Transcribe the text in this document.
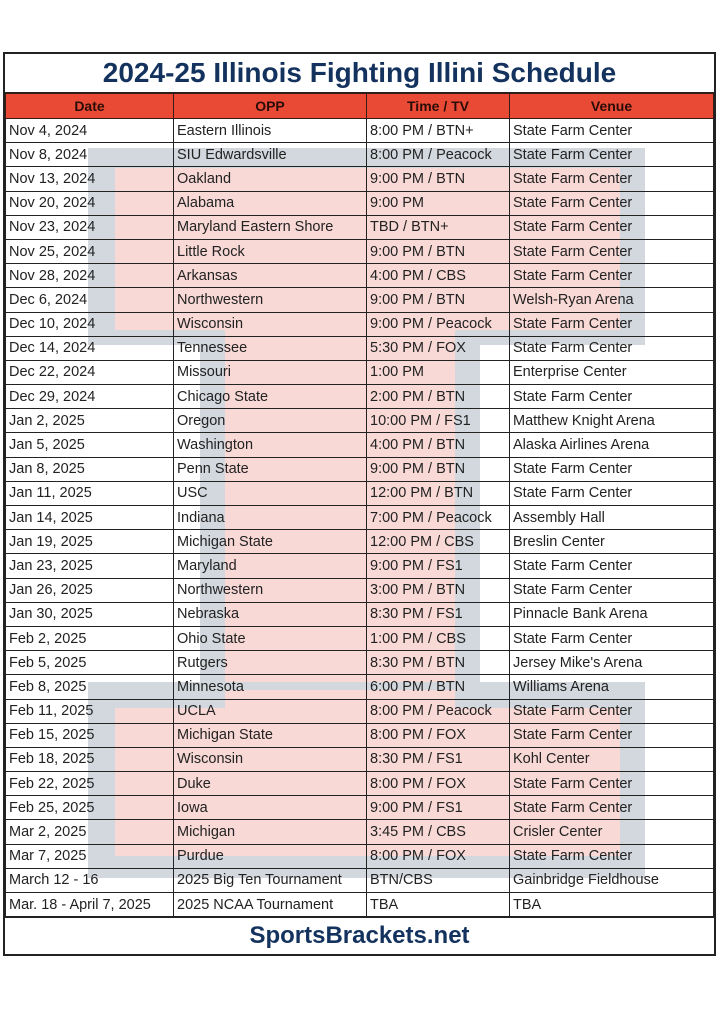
2024-25 Illinois Fighting Illini Schedule
Date	OPP	Time / TV	Venue
Nov 4, 2024	Eastern Illinois	8:00 PM / BTN+	State Farm Center
Nov 8, 2024	SIU Edwardsville	8:00 PM / Peacock	State Farm Center
Nov 13, 2024	Oakland	9:00 PM / BTN	State Farm Center
Nov 20, 2024	Alabama	9:00 PM	State Farm Center
Nov 23, 2024	Maryland Eastern Shore	TBD / BTN+	State Farm Center
Nov 25, 2024	Little Rock	9:00 PM / BTN	State Farm Center
Nov 28, 2024	Arkansas	4:00 PM / CBS	State Farm Center
Dec 6, 2024	Northwestern	9:00 PM / BTN	Welsh-Ryan Arena
Dec 10, 2024	Wisconsin	9:00 PM / Peacock	State Farm Center
Dec 14, 2024	Tennessee	5:30 PM / FOX	State Farm Center
Dec 22, 2024	Missouri	1:00 PM	Enterprise Center
Dec 29, 2024	Chicago State	2:00 PM / BTN	State Farm Center
Jan 2, 2025	Oregon	10:00 PM / FS1	Matthew Knight Arena
Jan 5, 2025	Washington	4:00 PM / BTN	Alaska Airlines Arena
Jan 8, 2025	Penn State	9:00 PM / BTN	State Farm Center
Jan 11, 2025	USC	12:00 PM / BTN	State Farm Center
Jan 14, 2025	Indiana	7:00 PM / Peacock	Assembly Hall
Jan 19, 2025	Michigan State	12:00 PM / CBS	Breslin Center
Jan 23, 2025	Maryland	9:00 PM / FS1	State Farm Center
Jan 26, 2025	Northwestern	3:00 PM / BTN	State Farm Center
Jan 30, 2025	Nebraska	8:30 PM / FS1	Pinnacle Bank Arena
Feb 2, 2025	Ohio State	1:00 PM / CBS	State Farm Center
Feb 5, 2025	Rutgers	8:30 PM / BTN	Jersey Mike's Arena
Feb 8, 2025	Minnesota	6:00 PM / BTN	Williams Arena
Feb 11, 2025	UCLA	8:00 PM / Peacock	State Farm Center
Feb 15, 2025	Michigan State	8:00 PM / FOX	State Farm Center
Feb 18, 2025	Wisconsin	8:30 PM / FS1	Kohl Center
Feb 22, 2025	Duke	8:00 PM / FOX	State Farm Center
Feb 25, 2025	Iowa	9:00 PM / FS1	State Farm Center
Mar 2, 2025	Michigan	3:45 PM / CBS	Crisler Center
Mar 7, 2025	Purdue	8:00 PM / FOX	State Farm Center
March 12 - 16	2025 Big Ten Tournament	BTN/CBS	Gainbridge Fieldhouse
Mar. 18 - April 7, 2025	2025 NCAA Tournament	TBA	TBA
SportsBrackets.net
